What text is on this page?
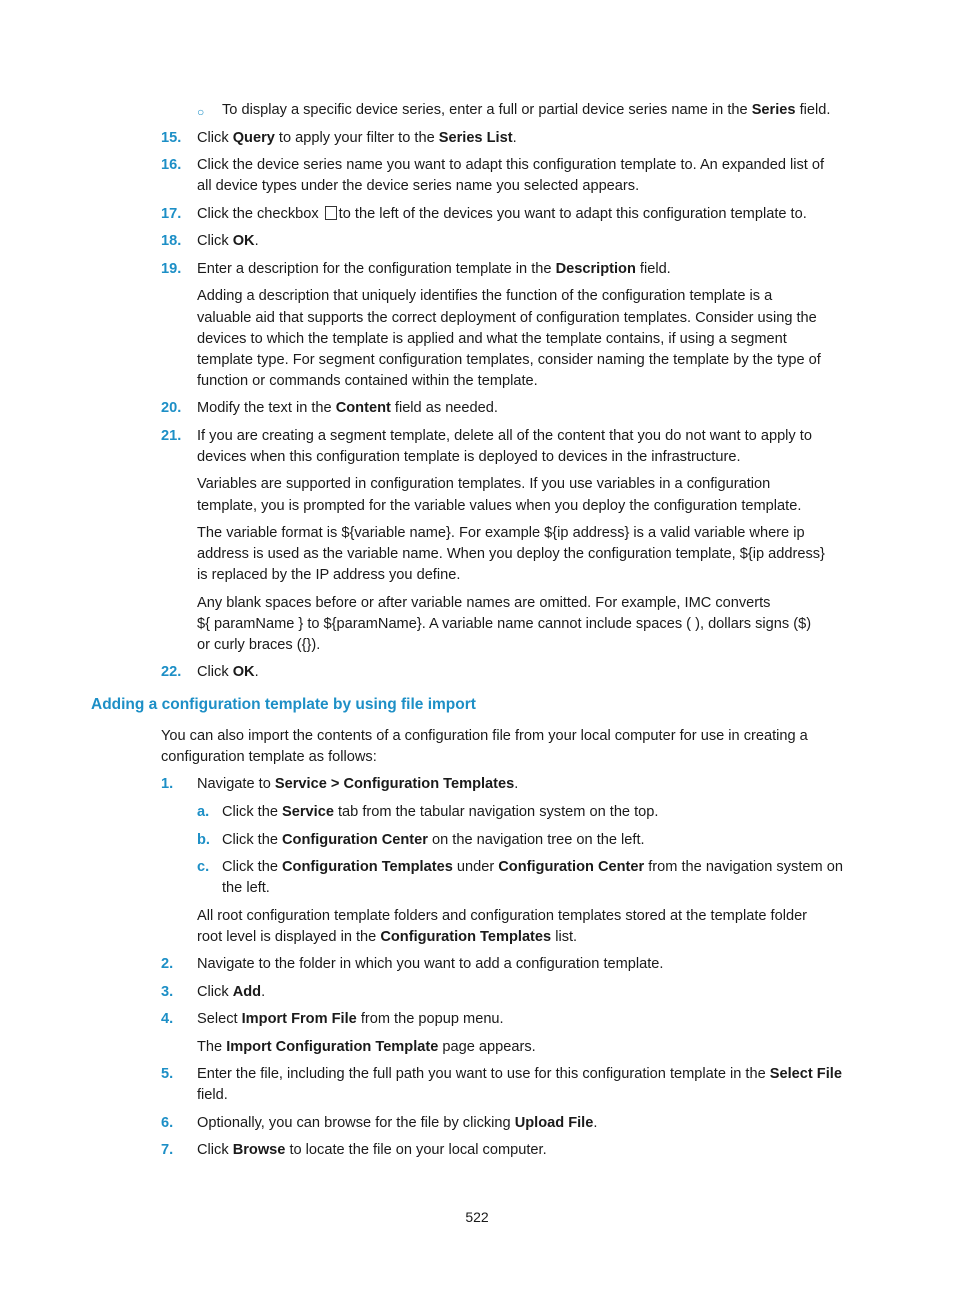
○ To display a specific device series, enter a full or partial device series name in the Series field.
15. Click Query to apply your filter to the Series List.
16. Click the device series name you want to adapt this configuration template to. An expanded list of
all device types under the device series name you selected appears.
17. Click the checkbox to the left of the devices you want to adapt this configuration template to.
18. Click OK.
19. Enter a description for the configuration template in the Description field.
Adding a description that uniquely identifies the function of the configuration template is a
valuable aid that supports the correct deployment of configuration templates. Consider using the
devices to which the template is applied and what the template contains, if using a segment
template type. For segment configuration templates, consider naming the template by the type of
function or commands contained within the template.
20. Modify the text in the Content field as needed.
21. If you are creating a segment template, delete all of the content that you do not want to apply to
devices when this configuration template is deployed to devices in the infrastructure.
Variables are supported in configuration templates. If you use variables in a configuration
template, you is prompted for the variable values when you deploy the configuration template.
The variable format is ${variable name}. For example ${ip address} is a valid variable where ip
address is used as the variable name. When you deploy the configuration template, ${ip address}
is replaced by the IP address you define.
Any blank spaces before or after variable names are omitted. For example, IMC converts
${ paramName } to ${paramName}. A variable name cannot include spaces ( ), dollars signs ($)
or curly braces ({}).
22. Click OK.
Adding a configuration template by using file import
You can also import the contents of a configuration file from your local computer for use in creating a
configuration template as follows:
1. Navigate to Service > Configuration Templates.
a. Click the Service tab from the tabular navigation system on the top.
b. Click the Configuration Center on the navigation tree on the left.
c. Click the Configuration Templates under Configuration Center from the navigation system on
the left.
All root configuration template folders and configuration templates stored at the template folder
root level is displayed in the Configuration Templates list.
2. Navigate to the folder in which you want to add a configuration template.
3. Click Add.
4. Select Import From File from the popup menu.
The Import Configuration Template page appears.
5. Enter the file, including the full path you want to use for this configuration template in the Select File
field.
6. Optionally, you can browse for the file by clicking Upload File.
7. Click Browse to locate the file on your local computer.
522
